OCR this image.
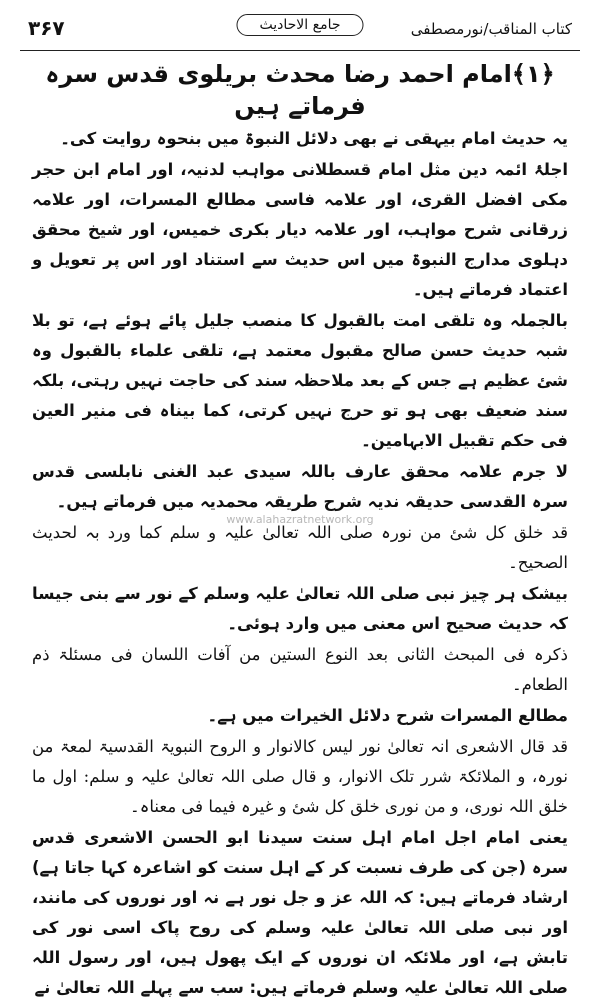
۳۶۷	جامع الاحادیث	کتاب المناقب/نورمصطفی
﴿۱﴾امام احمد رضا محدث بریلوی قدس سرہ فرماتے ہیں
یہ حدیث امام بیہقی نے بھی دلائل النبوۃ میں بنحوہ روایت کی۔
اجلۂ ائمہ دین مثل امام قسطلانی مواہب لدنیہ، اور امام ابن حجر مکی افضل القری، اور علامہ فاسی مطالع المسرات، اور علامہ زرقانی شرح مواہب، اور علامہ دیار بکری خمیس، اور شیخ محقق دہلوی مدارج النبوۃ میں اس حدیث سے استناد اور اس پر تعویل و اعتماد فرماتے ہیں۔
بالجملہ وہ تلقی امت بالقبول کا منصب جلیل پائے ہوئے ہے، تو بلا شبہ حدیث حسن صالح مقبول معتمد ہے، تلقی علماء بالقبول وہ شئ عظیم ہے جس کے بعد ملاحظہ سند کی حاجت نہیں رہتی، بلکہ سند ضعیف بھی ہو تو حرج نہیں کرتی، کما بیناہ فی منیر العین فی حکم تقبیل الابہامین۔
لا جرم علامہ محقق عارف باللہ سیدی عبد الغنی نابلسی قدس سرہ القدسی حدیقہ ندیہ شرح طریقہ محمدیہ میں فرماتے ہیں۔
www.alahazratnetwork.org
قد خلق کل شئ من نورہ صلی اللہ تعالیٰ علیہ و سلم کما ورد بہ لحدیث الصحیح۔
بیشک ہر چیز نبی صلی اللہ تعالیٰ علیہ وسلم کے نور سے بنی جیسا کہ حدیث صحیح اس معنی میں وارد ہوئی۔
ذکرہ فی المبحث الثانی بعد النوع الستین من آفات اللسان فی مسئلۃ ذم الطعام۔
مطالع المسرات شرح دلائل الخیرات میں ہے۔
قد قال الاشعری انہ تعالیٰ نور لیس کالانوار و الروح النبویۃ القدسیۃ لمعۃ من نورہ، و الملائکۃ شرر تلک الانوار، و قال صلی اللہ تعالیٰ علیہ و سلم: اول ما خلق اللہ نوری، و من نوری خلق کل شئ و غیرہ فیما فی معناہ۔
یعنی امام اجل امام اہل سنت سیدنا ابو الحسن الاشعری قدس سرہ (جن کی طرف نسبت کر کے اہل سنت کو اشاعرہ کہا جاتا ہے) ارشاد فرماتے ہیں: کہ اللہ عز و جل نور ہے نہ اور نوروں کی مانند، اور نبی صلی اللہ تعالیٰ علیہ وسلم کی روح پاک اسی نور کی تابش ہے، اور ملائکہ ان نوروں کے ایک پھول ہیں، اور رسول اللہ صلی اللہ تعالیٰ علیہ وسلم فرماتے ہیں: سب سے پہلے اللہ تعالیٰ نے
